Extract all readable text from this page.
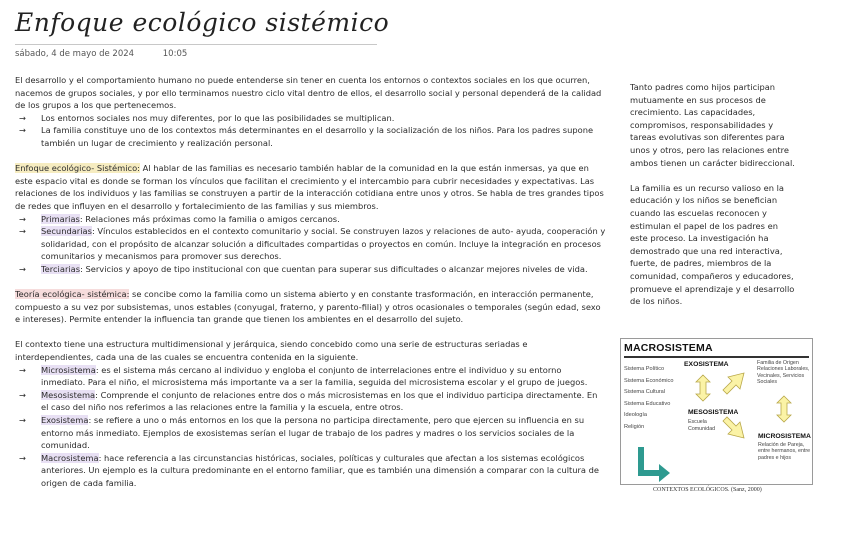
Enfoque ecológico sistémico
sábado, 4 de mayo de 2024	10:05

El desarrollo y el comportamiento humano no puede entenderse sin tener en cuenta los entornos o contextos sociales en los que ocurren, nacemos de grupos sociales, y por ello terminamos nuestro ciclo vital dentro de ellos, el desarrollo social y personal dependerá de la calidad de los grupos a los que pertenecemos.

→	Los entornos sociales nos muy diferentes, por lo que las posibilidades se multiplican.
→	La familia constituye uno de los contextos más determinantes en el desarrollo y la socialización de los niños. Para los padres supone también un lugar de crecimiento y realización personal.

Enfoque ecológico- Sistémico: Al hablar de las familias es necesario también hablar de la comunidad en la que están inmersas, ya que en este espacio vital es donde se forman los vínculos que facilitan el crecimiento y el intercambio para cubrir necesidades y expectativas. Las relaciones de los individuos y las familias se construyen a partir de la interacción cotidiana entre unos y otros. Se habla de tres grandes tipos de redes que influyen en el desarrollo y fortalecimiento de las familias y sus miembros.

→	Primarias: Relaciones más próximas como la familia o amigos cercanos.
→	Secundarias: Vínculos establecidos en el contexto comunitario y social. Se construyen lazos y relaciones de auto- ayuda, cooperación y solidaridad, con el propósito de alcanzar solución a dificultades compartidas o proyectos en común. Incluye la integración en procesos comunitarios y mecanismos para promover sus derechos.
→	Terciarias: Servicios y apoyo de tipo institucional con que cuentan para superar sus dificultades o alcanzar mejores niveles de vida.

Teoría ecológica- sistémica: se concibe como la familia como un sistema abierto y en constante trasformación, en interacción permanente, compuesto a su vez por subsistemas, unos estables (conyugal, fraterno, y parento-filial) y otros ocasionales o temporales (según edad, sexo e intereses). Permite entender la influencia tan grande que tienen los ambientes en el desarrollo del sujeto.

El contexto tiene una estructura multidimensional y jerárquica, siendo concebido como una serie de estructuras seriadas e interdependientes, cada una de las cuales se encuentra contenida en la siguiente.

→	Microsistema: es el sistema más cercano al individuo y engloba el conjunto de interrelaciones entre el individuo y su entorno inmediato. Para el niño, el microsistema más importante va a ser la familia, seguida del microsistema escolar y el grupo de juegos.
→	Mesosistema: Comprende el conjunto de relaciones entre dos o más microsistemas en los que el individuo participa directamente. En el caso del niño nos referimos a las relaciones entre la familia y la escuela, entre otros.
→	Exosistema: se refiere a uno o más entornos en los que la persona no participa directamente, pero que ejercen su influencia en su entorno más inmediato. Ejemplos de exosistemas serían el lugar de trabajo de los padres y madres o los servicios sociales de la comunidad.
→	Macrosistema: hace referencia a las circunstancias históricas, sociales, políticas y culturales que afectan a los sistemas ecológicos anteriores. Un ejemplo es la cultura predominante en el entorno familiar, que es también una dimensión a comparar con la cultura de origen de cada familia.

Tanto padres como hijos participan mutuamente en sus procesos de crecimiento. Las capacidades, compromisos, responsabilidades y tareas evolutivas son diferentes para unos y otros, pero las relaciones entre ambos tienen un carácter bidireccional.

La familia es un recurso valioso en la educación y los niños se benefician cuando las escuelas reconocen y estimulan el papel de los padres en este proceso. La investigación ha demostrado que una red interactiva, fuerte, de padres, miembros de la comunidad, compañeros y educadores, promueve el aprendizaje y el desarrollo de los niños.

MACROSISTEMA
Sistema Político
Sistema Económico
Sistema Cultural
Sistema Educativo
Ideología
Religión
EXOSISTEMA	Familia de Origen Relaciones Laborales, Vecinales, Servicios Sociales
MESOSISTEMA
Escuela
Comunidad
MICROSISTEMA
Relación de Pareja, entre hermanos, entre padres e hijos
CONTEXTOS ECOLÓGICOS. (Sanz, 2000)
